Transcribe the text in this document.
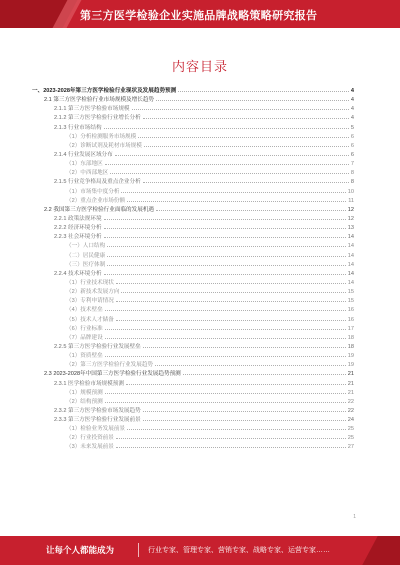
第三方医学检验企业实施品牌战略策略研究报告
内容目录
一、2023-2028年第三方医学检验行业现状及发展趋势预测	4
2.1 第三方医学检验行业市场规模及增长趋势	4
2.1.1 第三方医学检验市场规模	4
2.1.2 第三方医学检验行业增长分析	4
2.1.3 行业市场结构	5
（1）分析检测服务市场规模	6
（2）诊断试剂及耗材市场规模	6
2.1.4 行业发展区域分布	6
（1）东部地区	7
（2）中西部地区	8
2.1.5 行业竞争格局及重点企业分析	8
（1）市场集中度分析	10
（2）重点企业市场份额	11
2.2 我国第三方医学检验行业面临的发展机遇	12
2.2.1 政策法规环境	12
2.2.2 经济环境分析	13
2.2.3 社会环境分析	14
（一）人口结构	14
（二）居民健康	14
（三）医疗体制	14
2.2.4 技术环境分析	14
（1）行业技术现状	14
（2）新技术发展方向	15
（3）专利申请情况	15
（4）技术壁垒	16
（5）技术人才储备	16
（6）行业标准	17
（7）品牌建设	18
2.2.5 第三方医学检验行业发展壁垒	18
（1）资质壁垒	19
（2）第三方医学检验行业发展趋势	19
2.3 2023-2028年中国第三方医学检验行业发展趋势预测	21
2.3.1 医学检验市场规模预测	21
（1）规模预测	21
（2）结构预测	22
2.3.2 第三方医学检验市场发展趋势	22
2.3.3 第三方医学检验行业发展前景	24
（1）检验业务发展前景	25
（2）行业投资前景	25
（3）未来发展前景	27
1
让每个人都能成为	行业专家、管理专家、营销专家、战略专家、运营专家……
